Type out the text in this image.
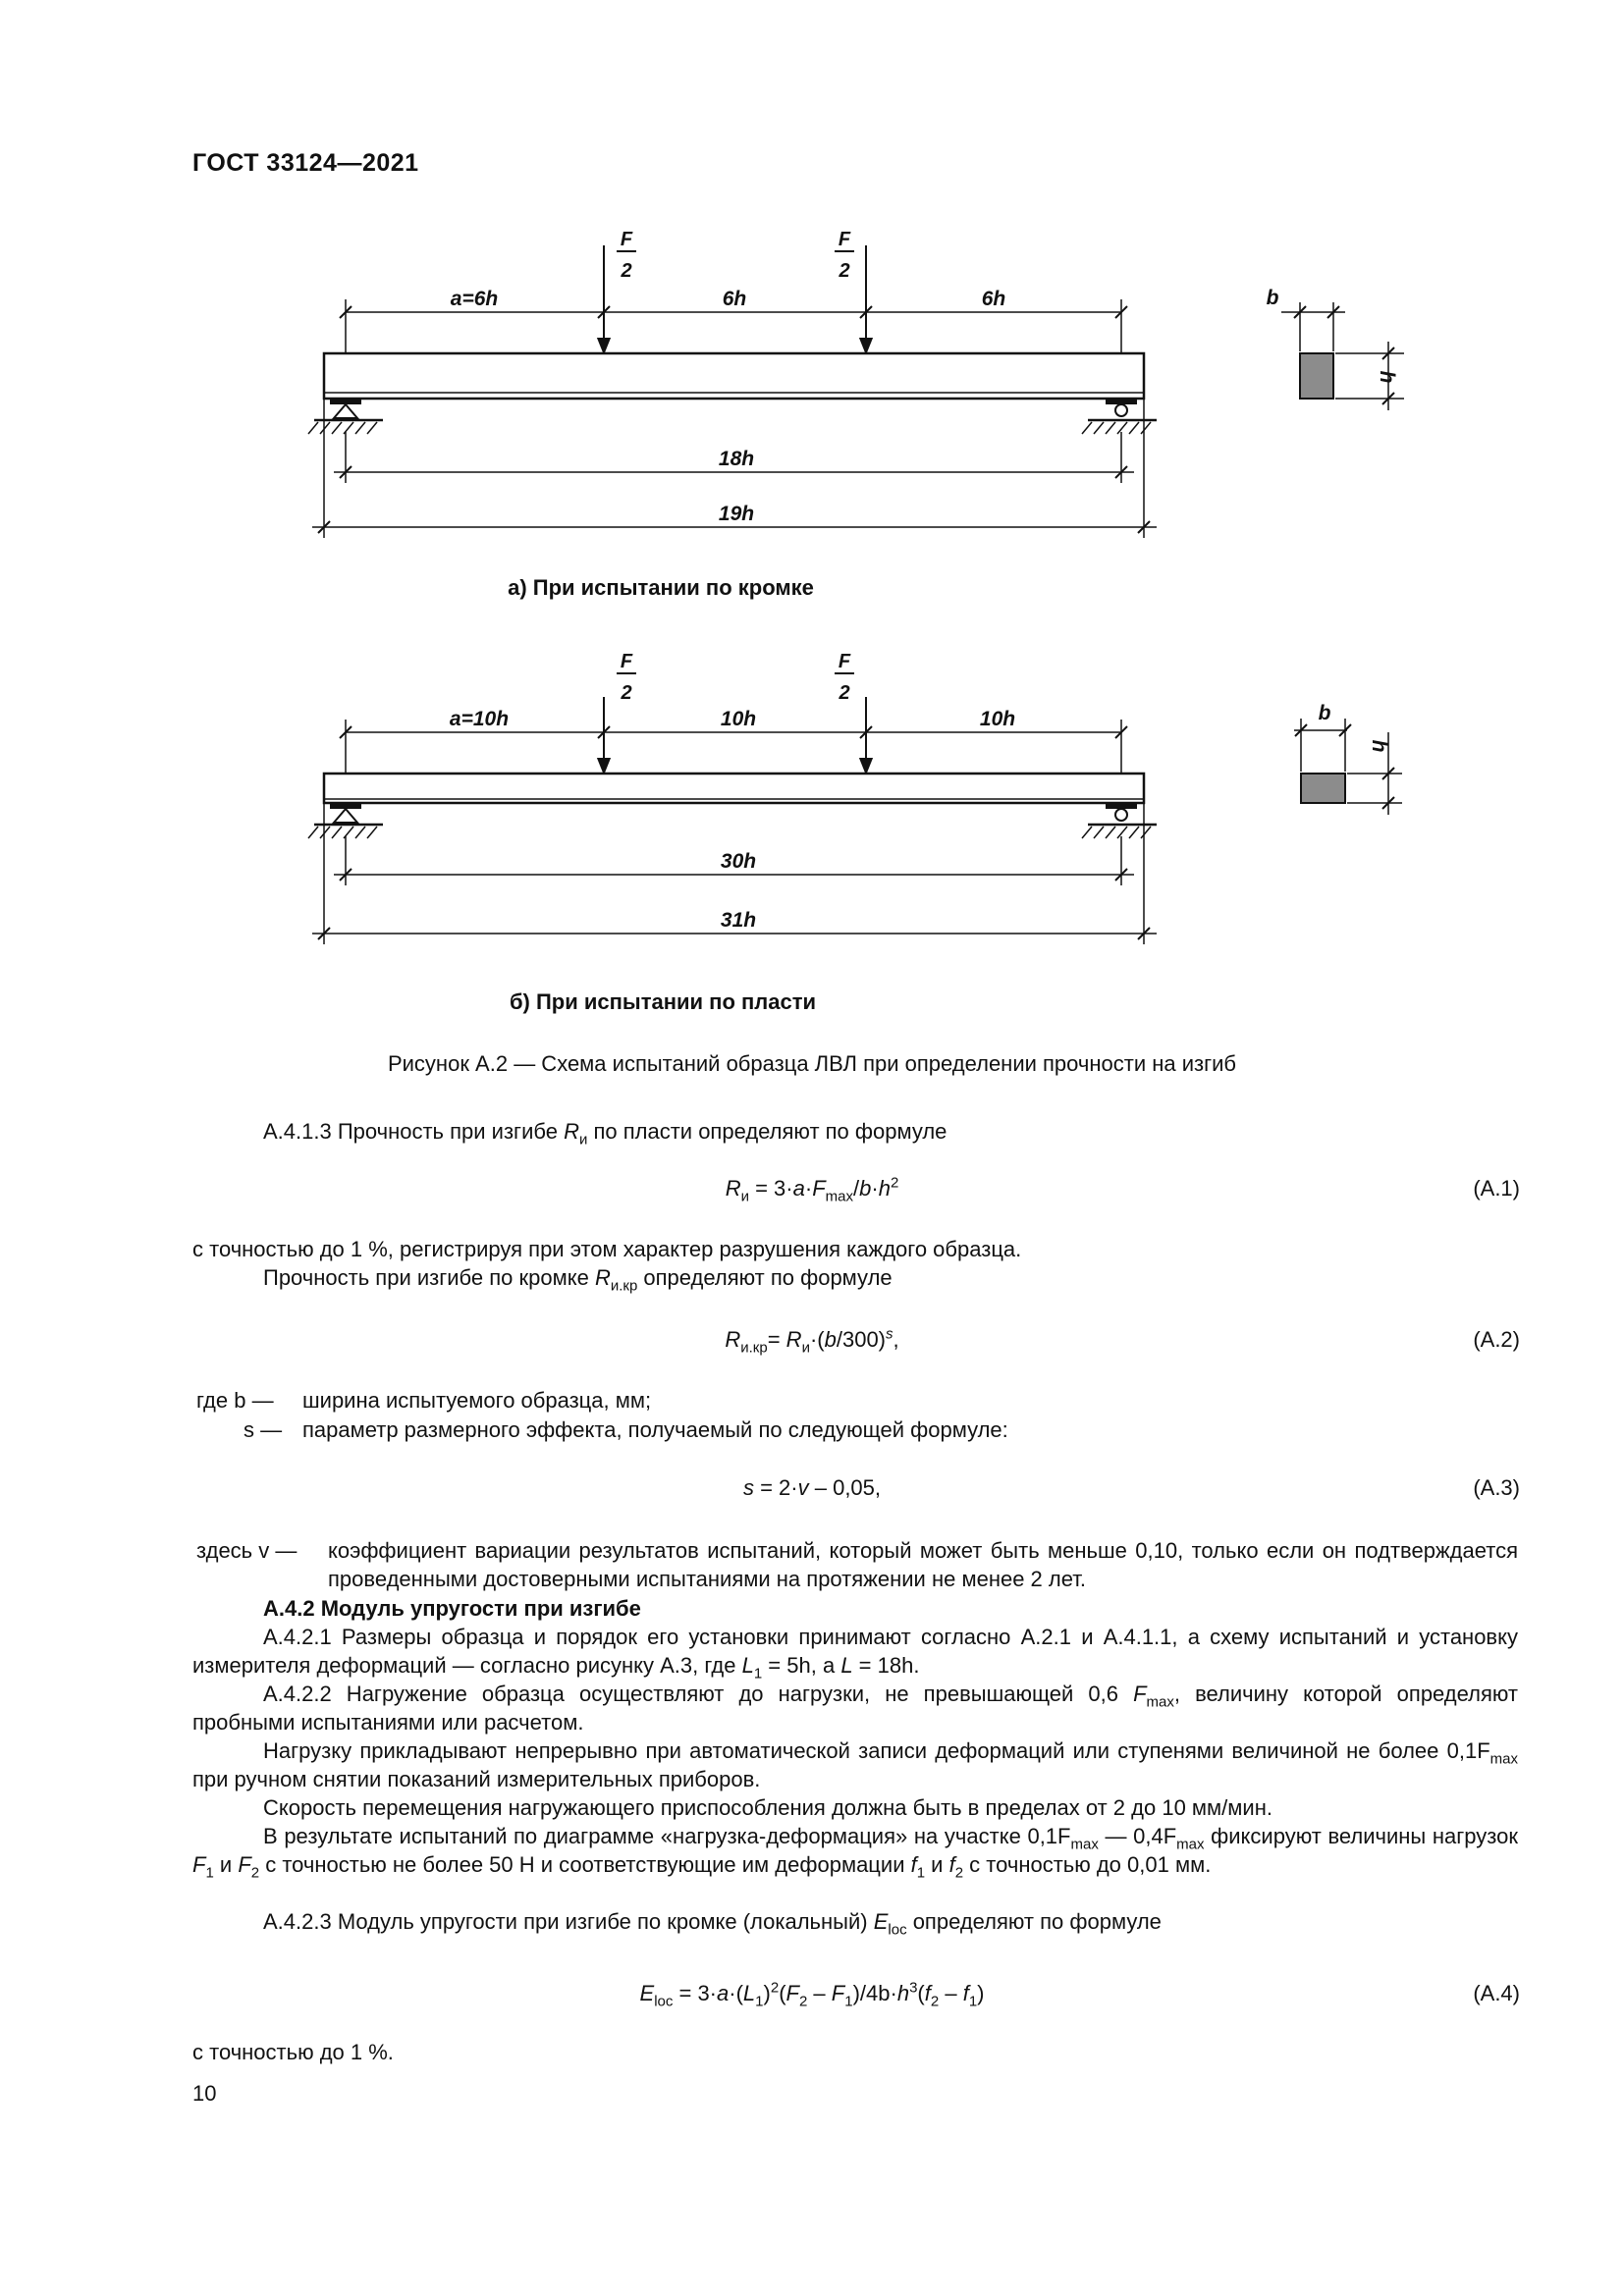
ГОСТ 33124—2021
F
2
F
2
a=6h	6h	6h
18h
19h
b
h
а) При испытании по кромке
F
2
F
2
a=10h	10h	10h
30h
31h
b
h
б) При испытании по пласти
Рисунок А.2 — Схема испытаний образца ЛВЛ при определении прочности на изгиб
А.4.1.3 Прочность при изгибе $R_и$ по пласти определяют по формуле
$R_и = 3\cdot a\cdot F_{max}/b\cdot h^2$	(А.1)
с точностью до 1 %, регистрируя при этом характер разрушения каждого образца.
Прочность при изгибе по кромке $R_{и.кр}$ определяют по формуле
$R_{и.кр}= R_и\cdot(b/300)^s$,	(А.2)
где b — ширина испытуемого образца, мм;
s — параметр размерного эффекта, получаемый по следующей формуле:
s = 2·v – 0,05,	(А.3)
здесь v — коэффициент вариации результатов испытаний, который может быть меньше 0,10, только если он подтверждается проведенными достоверными испытаниями на протяжении не менее 2 лет.
А.4.2 Модуль упругости при изгибе
А.4.2.1 Размеры образца и порядок его установки принимают согласно А.2.1 и А.4.1.1, а схему испытаний и установку измерителя деформаций — согласно рисунку А.3, где $L_1 = 5h$, а L = 18h.
А.4.2.2 Нагружение образца осуществляют до нагрузки, не превышающей 0,6 $F_{max}$, величину которой определяют пробными испытаниями или расчетом.
Нагрузку прикладывают непрерывно при автоматической записи деформаций или ступенями величиной не более $0,1F_{max}$ при ручном снятии показаний измерительных приборов.
Скорость перемещения нагружающего приспособления должна быть в пределах от 2 до 10 мм/мин.
В результате испытаний по диаграмме «нагрузка-деформация» на участке $0,1F_{max}$ — $0,4F_{max}$ фиксируют величины нагрузок $F_1$ и $F_2$ с точностью не более 50 Н и соответствующие им деформации $f_1$ и $f_2$ с точностью до 0,01 мм.
А.4.2.3 Модуль упругости при изгибе по кромке (локальный) $E_{loc}$ определяют по формуле
$E_{loc} = 3\cdot a\cdot(L_1)^2(F_2 - F_1)/4b\cdot h^3(f_2 - f_1)$	(А.4)
с точностью до 1 %.
10
